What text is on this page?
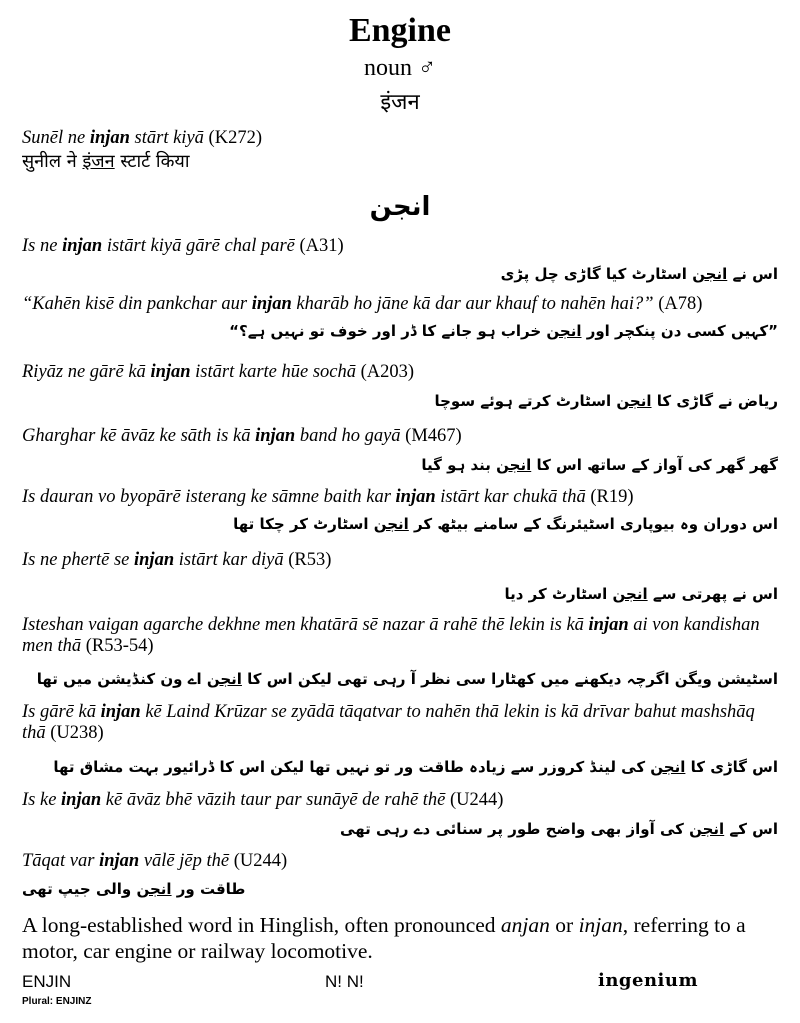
Engine
noun ♂
इंजन
Sunēl ne injan stārt kiyā (K272)
सुनील ने इंजन स्टार्ट किया
انجن
Is ne injan istārt kiyā gārē chal parē (A31)
اس نے انجن اسٹارٹ کیا گاڑی چل پڑی
“Kahēn kisē din pankchar aur injan kharāb ho jāne kā dar aur khauf to nahēn hai?” (A78)
”کہیں کسی دن پنکچر اور انجن خراب ہو جانے کا ڈر اور خوف تو نہیں ہے؟“
Riyāz ne gārē kā injan istārt karte hūe sochā (A203)
ریاض نے گاڑی کا انجن اسٹارٹ کرتے ہوئے سوچا
Gharghar kē āvāz ke sāth is kā injan band ho gayā (M467)
گھر گھر کی آواز کے ساتھ اس کا انجن بند ہو گیا
Is dauran vo byopārē isterang ke sāmne baith kar injan istārt kar chukā thā (R19)
اس دوران وہ بیوپاری اسٹیئرنگ کے سامنے بیٹھ کر انجن اسٹارٹ کر چکا تھا
Is ne phertē se injan istārt kar diyā (R53)
اس نے پھرتی سے انجن اسٹارٹ کر دیا
Isteshan vaigan agarche dekhne men khatārā sē nazar ā rahē thē lekin is kā injan ai von kandishan men thā (R53-54)
اسٹیشن ویگن اگرچہ دیکھنے میں کھٹارا سی نظر آ رہی تھی لیکن اس کا انجن اے ون کنڈیشن میں تھا
Is gārē kā injan kē Laind Krūzar se zyādā tāqatvar to nahēn thā lekin is kā drīvar bahut mashshāq thā (U238)
اس گاڑی کا انجن کی لینڈ کروزر سے زیادہ طاقت ور تو نہیں تھا لیکن اس کا ڈرائیور بہت مشاق تھا
Is ke injan kē āvāz bhē vāzih taur par sunāyē de rahē thē (U244)
اس کے انجن کی آواز بھی واضح طور پر سنائی دے رہی تھی
Tāqat var injan vālē jēp thē (U244)
طاقت ور انجن والی جیپ تھی
A long-established word in Hinglish, often pronounced anjan or injan, referring to a motor, car engine or railway locomotive.
ENJIN	N! N!	ingenium
Plural: ENJINZ
